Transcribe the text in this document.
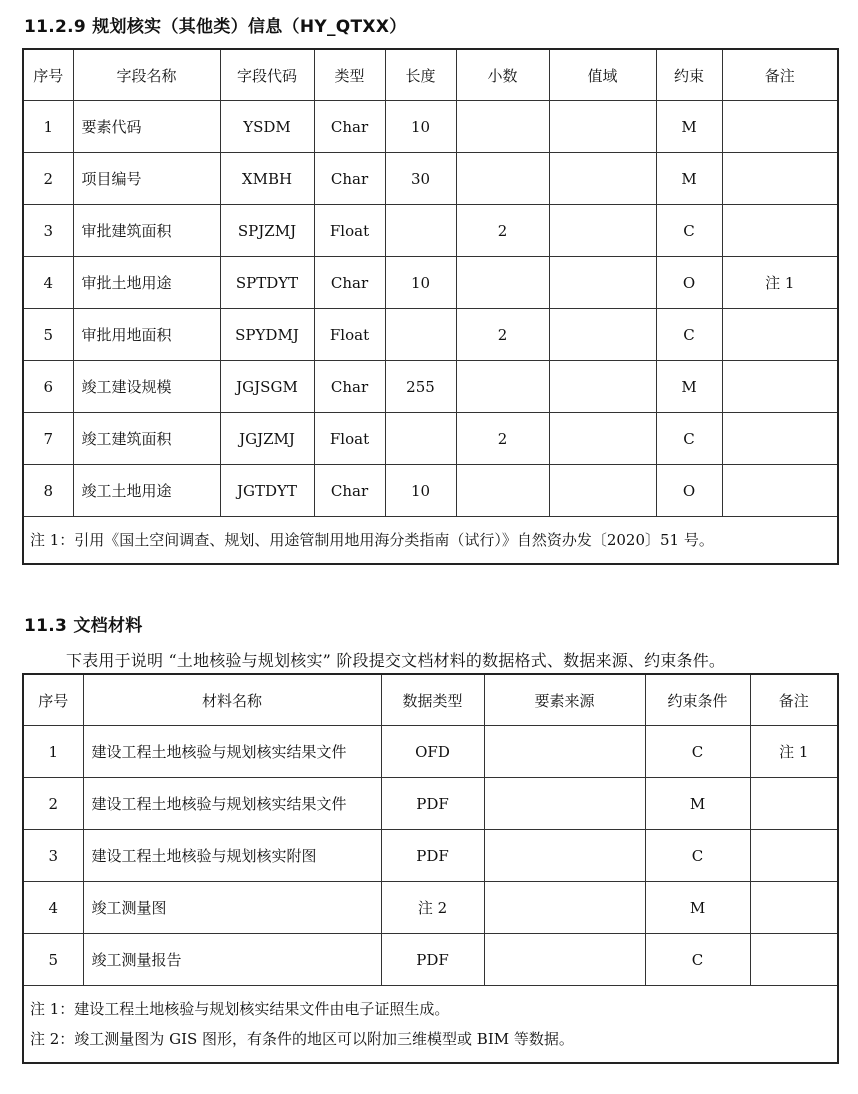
11.2.9 规划核实（其他类）信息（HY_QTXX）
序号	字段名称	字段代码	类型	长度	小数	值域	约束	备注
1	要素代码	YSDM	Char	10			M	
2	项目编号	XMBH	Char	30			M	
3	审批建筑面积	SPJZMJ	Float		2		C	
4	审批土地用途	SPTDYT	Char	10			O	注 1
5	审批用地面积	SPYDMJ	Float		2		C	
6	竣工建设规模	JGJSGM	Char	255			M	
7	竣工建筑面积	JGJZMJ	Float		2		C	
8	竣工土地用途	JGTDYT	Char	10			O	

注 1：引用《国土空间调查、规划、用途管制用地用海分类指南（试行）》自然资办发〔2020〕51 号。								
11.3 文档材料
下表用于说明 “土地核验与规划核实” 阶段提交文档材料的数据格式、数据来源、约束条件。
序号	材料名称	数据类型	要素来源	约束条件	备注
1	建设工程土地核验与规划核实结果文件	OFD		C	注 1
2	建设工程土地核验与规划核实结果文件	PDF		M	
3	建设工程土地核验与规划核实附图	PDF		C	
4	竣工测量图	注 2		M	
5	竣工测量报告	PDF		C	

注 1：建设工程土地核验与规划核实结果文件由电子证照生成。
注 2：竣工测量图为 GIS 图形，有条件的地区可以附加三维模型或 BIM 等数据。					
